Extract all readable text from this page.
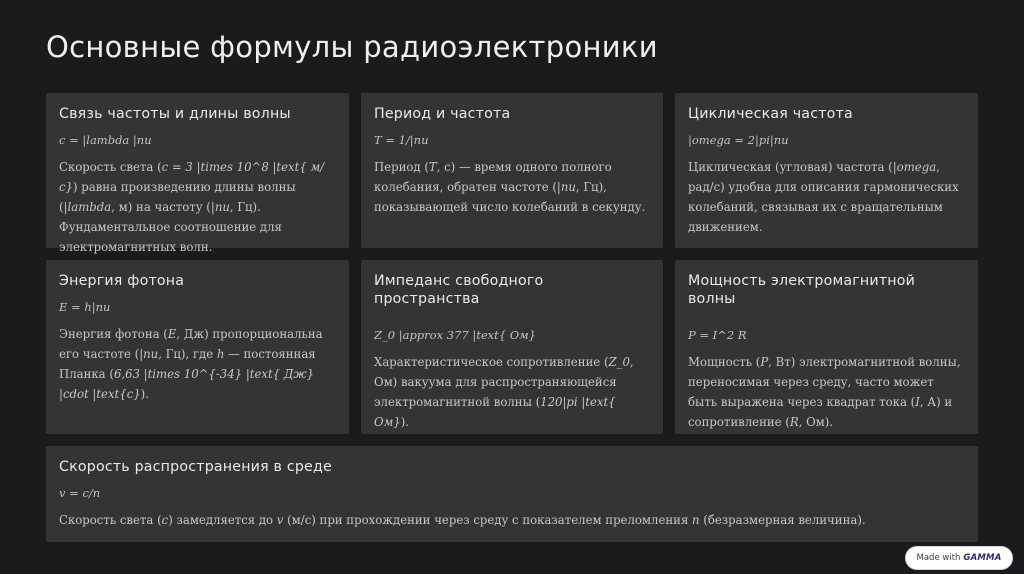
Основные формулы радиоэлектроники
Связь частоты и длины волны
c = |lambda |nu

Скорость света (c = 3 |times 10^8 |text{ м/с}) равна произведению длины волны (|lambda, м) на частоту (|nu, Гц). Фундаментальное соотношение для электромагнитных волн.

Период и частота
T = 1/|nu

Период (T, с) — время одного полного колебания, обратен частоте (|nu, Гц), показывающей число колебаний в секунду.

Циклическая частота
|omega = 2|pi|nu

Циклическая (угловая) частота (|omega, рад/с) удобна для описания гармонических колебаний, связывая их с вращательным движением.

Энергия фотона
E = h|nu

Энергия фотона (E, Дж) пропорциональна его частоте (|nu, Гц), где h — постоянная Планка (6,63 |times 10^{-34} |text{ Дж} |cdot |text{с}).

Импеданс свободного пространства
Z_0 |approx 377 |text{ Ом}

Характеристическое сопротивление (Z_0, Ом) вакуума для распространяющейся электромагнитной волны (120|pi |text{ Ом}).

Мощность электромагнитной волны
P = I^2 R

Мощность (P, Вт) электромагнитной волны, переносимая через среду, часто может быть выражена через квадрат тока (I, А) и сопротивление (R, Ом).

Скорость распространения в среде
v = c/n

Скорость света (c) замедляется до v (м/с) при прохождении через среду с показателем преломления n (безразмерная величина).

Made with GAMMA
